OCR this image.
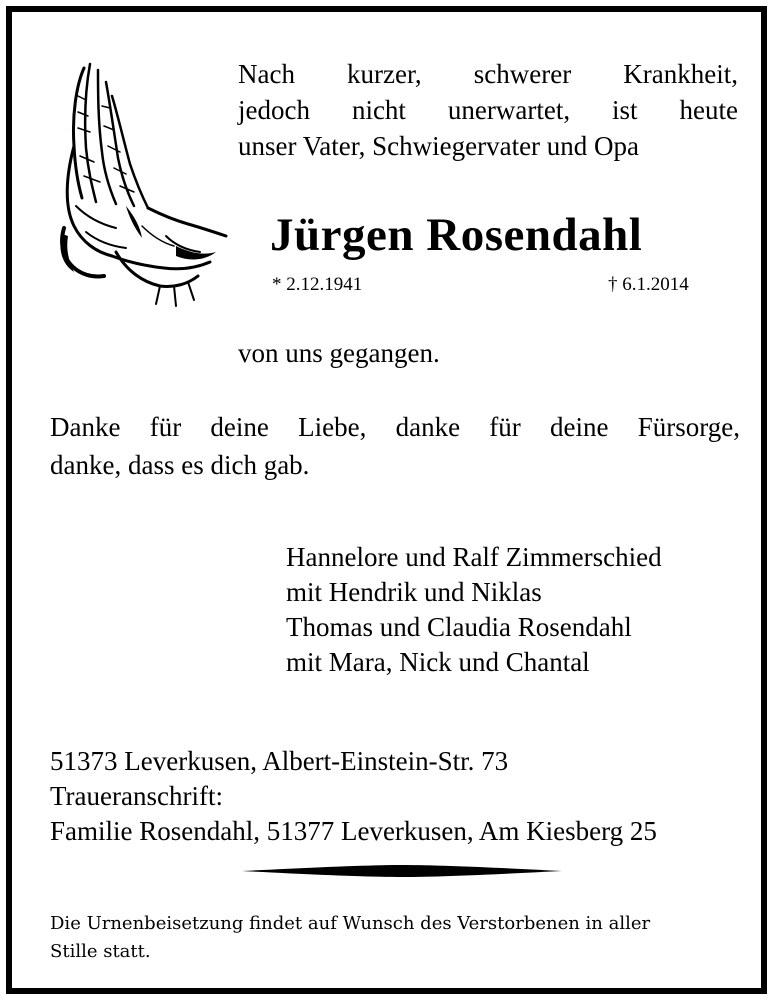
Nach kurzer, schwerer Krankheit,
jedoch nicht unerwartet, ist heute
unser Vater, Schwiegervater und Opa
Jürgen Rosendahl
* 2.12.1941	† 6.1.2014
von uns gegangen.
Danke für deine Liebe, danke für deine Fürsorge,
danke, dass es dich gab.
Hannelore und Ralf Zimmerschied
mit Hendrik und Niklas
Thomas und Claudia Rosendahl
mit Mara, Nick und Chantal
51373 Leverkusen, Albert-Einstein-Str. 73
Traueranschrift:
Familie Rosendahl, 51377 Leverkusen, Am Kiesberg 25
Die Urnenbeisetzung findet auf Wunsch des Verstorbenen in aller
Stille statt.
